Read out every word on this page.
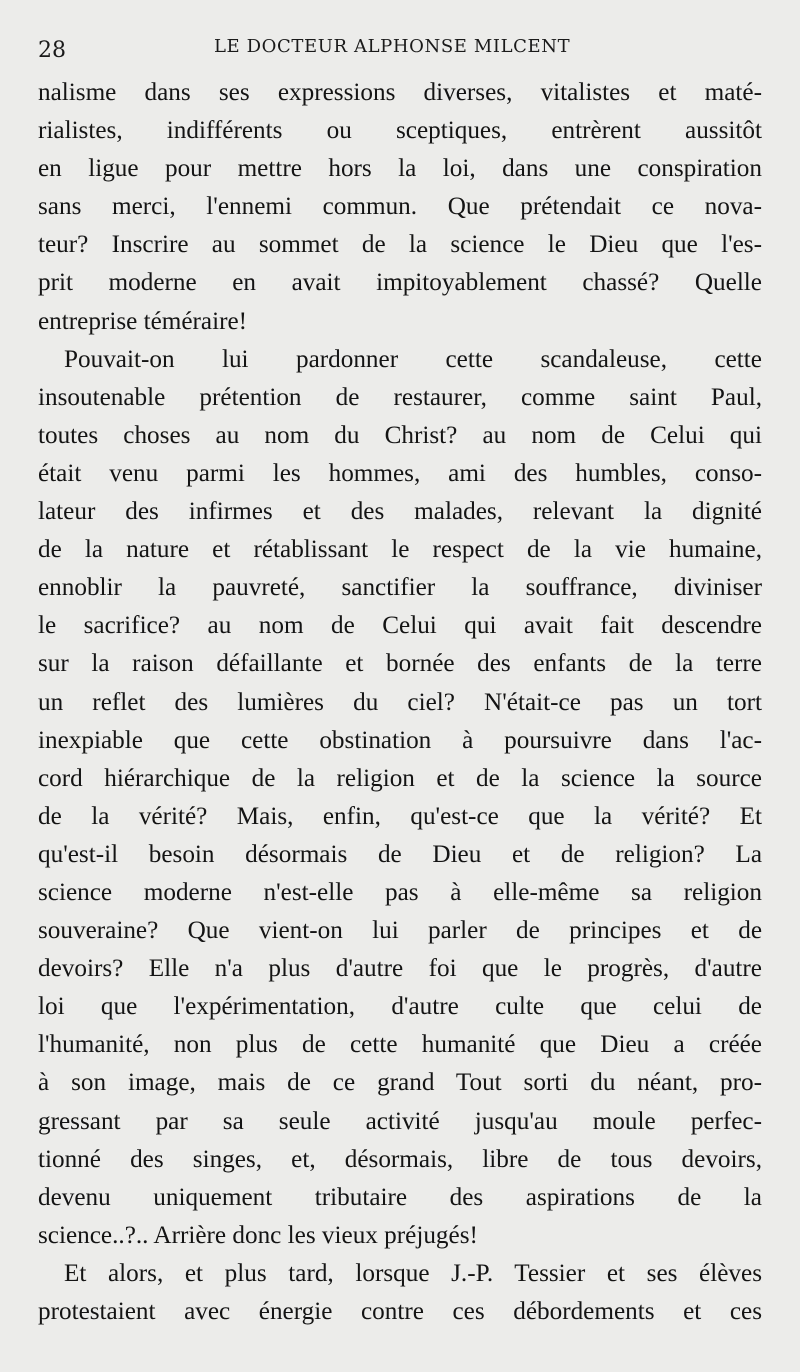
28	LE DOCTEUR ALPHONSE MILCENT
nalisme dans ses expressions diverses, vitalistes et maté-
rialistes, indifférents ou sceptiques, entrèrent aussitôt
en ligue pour mettre hors la loi, dans une conspiration
sans merci, l'ennemi commun. Que prétendait ce nova-
teur? Inscrire au sommet de la science le Dieu que l'es-
prit moderne en avait impitoyablement chassé? Quelle
entreprise téméraire!
Pouvait-on lui pardonner cette scandaleuse, cette
insoutenable prétention de restaurer, comme saint Paul,
toutes choses au nom du Christ? au nom de Celui qui
était venu parmi les hommes, ami des humbles, conso-
lateur des infirmes et des malades, relevant la dignité
de la nature et rétablissant le respect de la vie humaine,
ennoblir la pauvreté, sanctifier la souffrance, diviniser
le sacrifice? au nom de Celui qui avait fait descendre
sur la raison défaillante et bornée des enfants de la terre
un reflet des lumières du ciel? N'était-ce pas un tort
inexpiable que cette obstination à poursuivre dans l'ac-
cord hiérarchique de la religion et de la science la source
de la vérité? Mais, enfin, qu'est-ce que la vérité? Et
qu'est-il besoin désormais de Dieu et de religion? La
science moderne n'est-elle pas à elle-même sa religion
souveraine? Que vient-on lui parler de principes et de
devoirs? Elle n'a plus d'autre foi que le progrès, d'autre
loi que l'expérimentation, d'autre culte que celui de
l'humanité, non plus de cette humanité que Dieu a créée
à son image, mais de ce grand Tout sorti du néant, pro-
gressant par sa seule activité jusqu'au moule perfec-
tionné des singes, et, désormais, libre de tous devoirs,
devenu uniquement tributaire des aspirations de la
science..?.. Arrière donc les vieux préjugés!
Et alors, et plus tard, lorsque J.-P. Tessier et ses élèves
protestaient avec énergie contre ces débordements et ces
